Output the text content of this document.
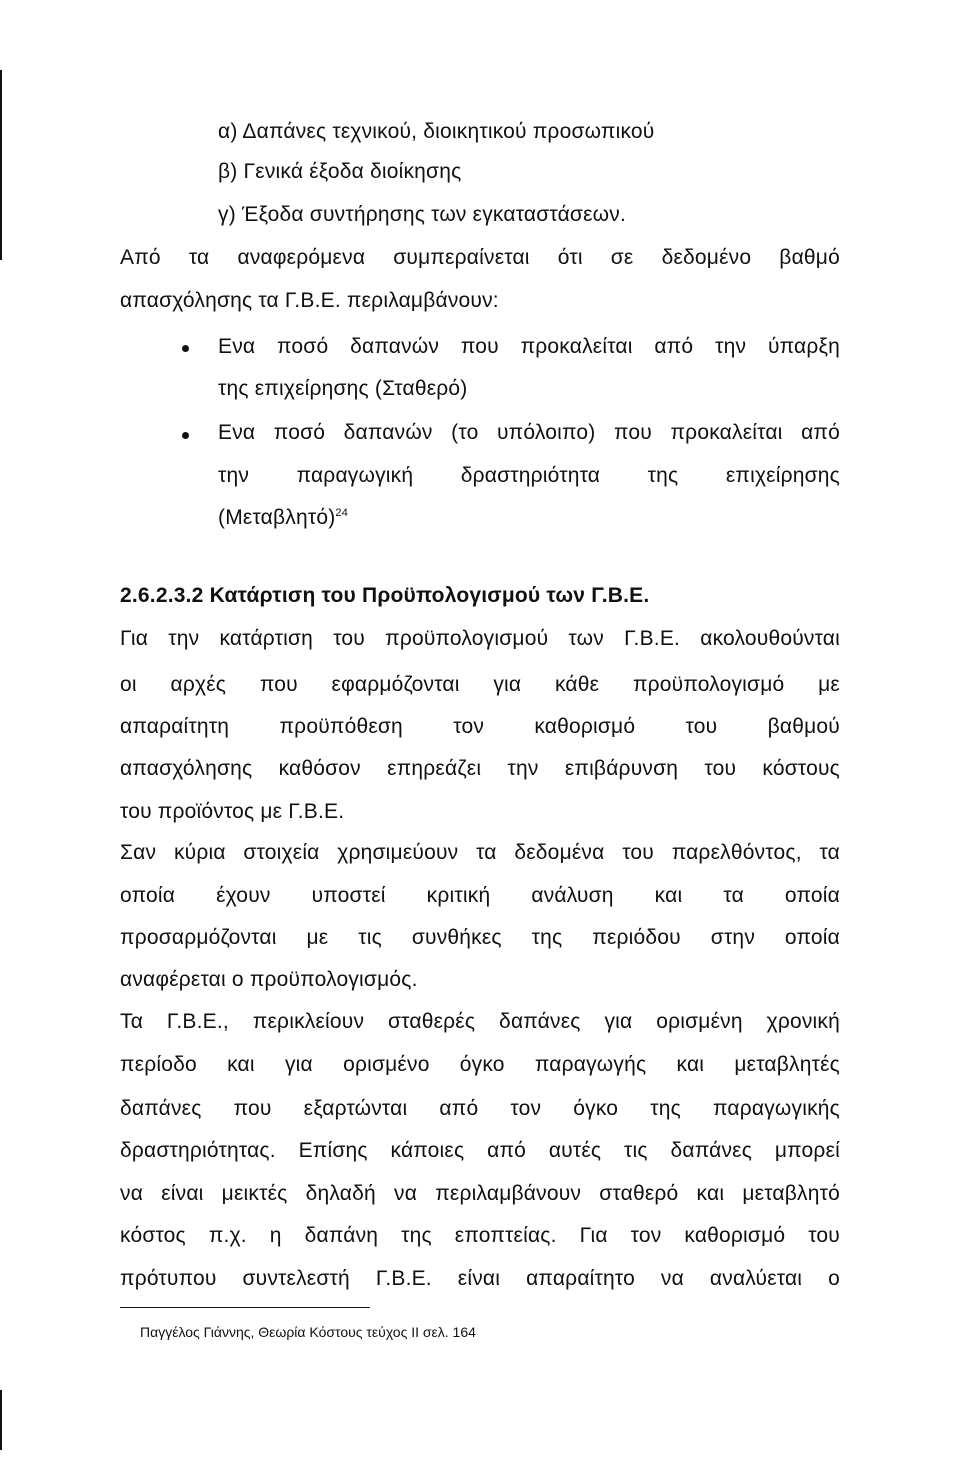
α) Δαπάνες τεχνικού, διοικητικού προσωπικού
β) Γενικά έξοδα διοίκησης
γ) Έξοδα συντήρησης των εγκαταστάσεων.
Από τα αναφερόμενα συμπεραίνεται ότι σε δεδομένο βαθμό
απασχόλησης τα Γ.Β.Ε. περιλαμβάνουν:
Ενα ποσό δαπανών που προκαλείται από την ύπαρξη
της επιχείρησης (Σταθερό)
Ενα ποσό δαπανών (το υπόλοιπο) που προκαλείται από
την παραγωγική δραστηριότητα της επιχείρησης
$(M\varepsilon\tau\alpha\beta\lambda\eta\tau ό)^{24}$
2.6.2.3.2 Κατάρτιση του Προϋπολογισμού των Γ.Β.Ε.
Για την κατάρτιση του προϋπολογισμού των Γ.Β.Ε. ακολουθούνται
οι αρχές που εφαρμόζονται για κάθε προϋπολογισμό με
απαραίτητη προϋπόθεση τον καθορισμό του βαθμού
απασχόλησης καθόσον επηρεάζει την επιβάρυνση του κόστους
του προϊόντος με Γ.Β.Ε.
Σαν κύρια στοιχεία χρησιμεύουν τα δεδομένα του παρελθόντος, τα
οποία έχουν υποστεί κριτική ανάλυση και τα οποία
προσαρμόζονται με τις συνθήκες της περιόδου στην οποία
αναφέρεται ο προϋπολογισμός.
Τα Γ.Β.Ε., περικλείουν σταθερές δαπάνες για ορισμένη χρονική
περίοδο και για ορισμένο όγκο παραγωγής και μεταβλητές
δαπάνες που εξαρτώνται από τον όγκο της παραγωγικής
δραστηριότητας. Επίσης κάποιες από αυτές τις δαπάνες μπορεί
να είναι μεικτές δηλαδή να περιλαμβάνουν σταθερό και μεταβλητό
κόστος π.χ. η δαπάνη της εποπτείας. Για τον καθορισμό του
πρότυπου συντελεστή Γ.Β.Ε. είναι απαραίτητο να αναλύεται ο
Παγγέλος Γιάννης, Θεωρία Κόστους τεύχος ΙΙ σελ. 164
